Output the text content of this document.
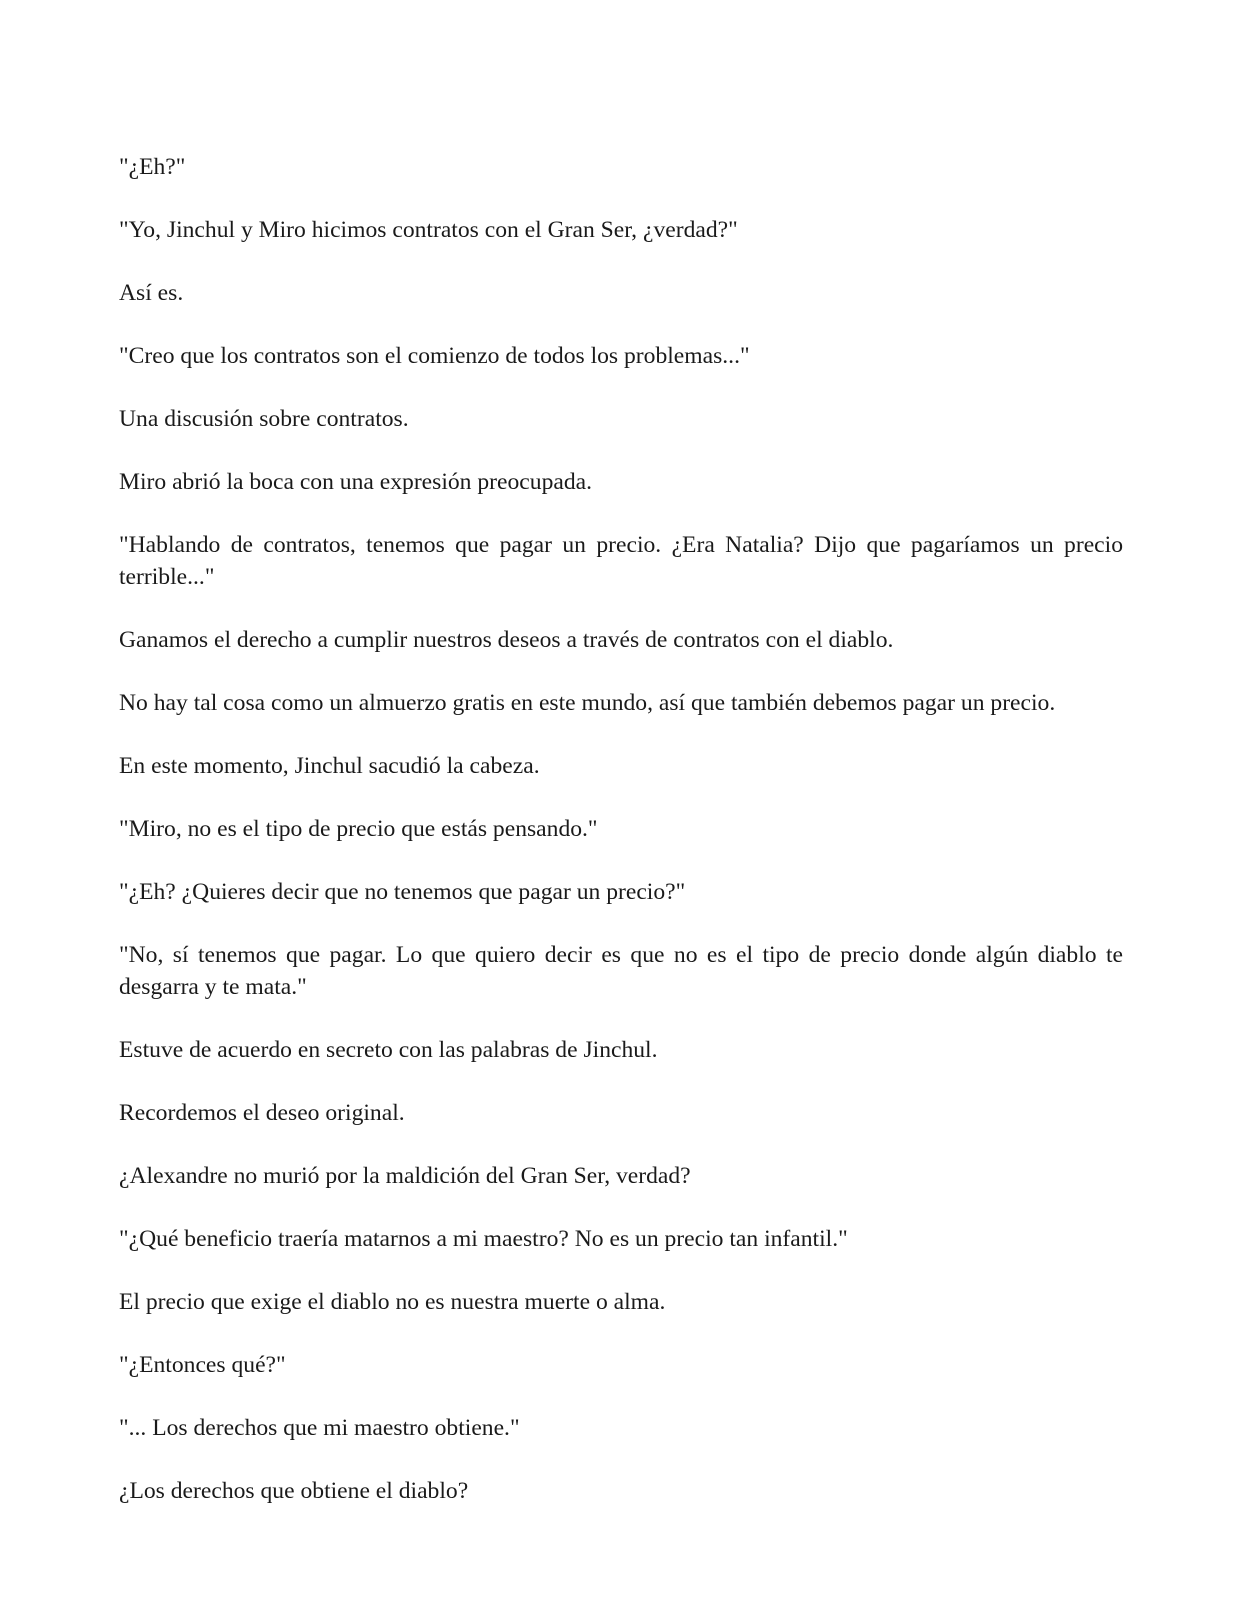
"¿Eh?"

"Yo, Jinchul y Miro hicimos contratos con el Gran Ser, ¿verdad?"

Así es.

"Creo que los contratos son el comienzo de todos los problemas..."

Una discusión sobre contratos.

Miro abrió la boca con una expresión preocupada.

"Hablando de contratos, tenemos que pagar un precio. ¿Era Natalia? Dijo que pagaríamos un precio terrible..."

Ganamos el derecho a cumplir nuestros deseos a través de contratos con el diablo.

No hay tal cosa como un almuerzo gratis en este mundo, así que también debemos pagar un precio.

En este momento, Jinchul sacudió la cabeza.

"Miro, no es el tipo de precio que estás pensando."

"¿Eh? ¿Quieres decir que no tenemos que pagar un precio?"

"No, sí tenemos que pagar. Lo que quiero decir es que no es el tipo de precio donde algún diablo te desgarra y te mata."

Estuve de acuerdo en secreto con las palabras de Jinchul.

Recordemos el deseo original.

¿Alexandre no murió por la maldición del Gran Ser, verdad?

"¿Qué beneficio traería matarnos a mi maestro? No es un precio tan infantil."

El precio que exige el diablo no es nuestra muerte o alma.

"¿Entonces qué?"

"... Los derechos que mi maestro obtiene."

¿Los derechos que obtiene el diablo?
